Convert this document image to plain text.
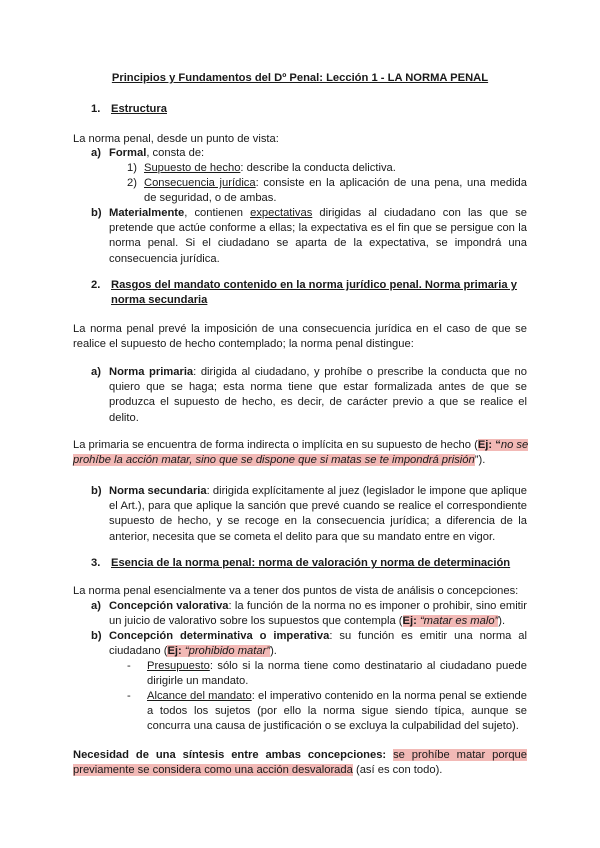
Principios y Fundamentos del Dº Penal: Lección 1 - LA NORMA PENAL
1. Estructura
La norma penal, desde un punto de vista:
a) Formal, consta de:
1) Supuesto de hecho: describe la conducta delictiva.
2) Consecuencia jurídica: consiste en la aplicación de una pena, una medida de seguridad, o de ambas.
b) Materialmente, contienen expectativas dirigidas al ciudadano con las que se pretende que actúe conforme a ellas; la expectativa es el fin que se persigue con la norma penal. Si el ciudadano se aparta de la expectativa, se impondrá una consecuencia jurídica.
2. Rasgos del mandato contenido en la norma jurídico penal. Norma primaria y norma secundaria
La norma penal prevé la imposición de una consecuencia jurídica en el caso de que se realice el supuesto de hecho contemplado; la norma penal distingue:
a) Norma primaria: dirigida al ciudadano, y prohíbe o prescribe la conducta que no quiero que se haga; esta norma tiene que estar formalizada antes de que se produzca el supuesto de hecho, es decir, de carácter previo a que se realice el delito.
La primaria se encuentra de forma indirecta o implícita en su supuesto de hecho (Ej: “no se prohíbe la acción matar, sino que se dispone que si matas se te impondrá prisión”).
b) Norma secundaria: dirigida explícitamente al juez (legislador le impone que aplique el Art.), para que aplique la sanción que prevé cuando se realice el correspondiente supuesto de hecho, y se recoge en la consecuencia jurídica; a diferencia de la anterior, necesita que se cometa el delito para que su mandato entre en vigor.
3. Esencia de la norma penal: norma de valoración y norma de determinación
La norma penal esencialmente va a tener dos puntos de vista de análisis o concepciones:
a) Concepción valorativa: la función de la norma no es imponer o prohibir, sino emitir un juicio de valorativo sobre los supuestos que contempla (Ej: “matar es malo”).
b) Concepción determinativa o imperativa: su función es emitir una norma al ciudadano (Ej: “prohibido matar”).
- Presupuesto: sólo si la norma tiene como destinatario al ciudadano puede dirigirle un mandato.
- Alcance del mandato: el imperativo contenido en la norma penal se extiende a todos los sujetos (por ello la norma sigue siendo típica, aunque se concurra una causa de justificación o se excluya la culpabilidad del sujeto).
Necesidad de una síntesis entre ambas concepciones: se prohíbe matar porque previamente se considera como una acción desvalorada (así es con todo).
